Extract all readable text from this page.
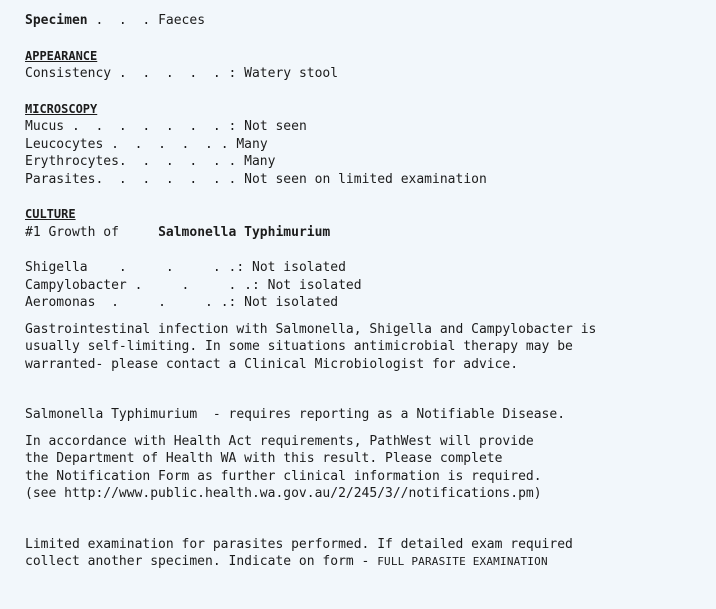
Specimen .  .  . Faeces
APPEARANCE
Consistency .  .  .  .  . : Watery stool
MICROSCOPY
Mucus .  .  .  .  .  .  . : Not seen
Leucocytes .  .  .  .  . . Many
Erythrocytes.  .  .  .  . . Many
Parasites.  .  .  .  .  . . Not seen on limited examination
CULTURE
#1 Growth of     Salmonella Typhimurium
Shigella    .     .     . .: Not isolated
Campylobacter .     .     . .: Not isolated
Aeromonas  .     .     . .: Not isolated
Gastrointestinal infection with Salmonella, Shigella and Campylobacter is
usually self-limiting. In some situations antimicrobial therapy may be
warranted- please contact a Clinical Microbiologist for advice.
Salmonella Typhimurium  - requires reporting as a Notifiable Disease.
In accordance with Health Act requirements, PathWest will provide
the Department of Health WA with this result. Please complete
the Notification Form as further clinical information is required.
(see http://www.public.health.wa.gov.au/2/245/3//notifications.pm)
Limited examination for parasites performed. If detailed exam required
collect another specimen. Indicate on form - FULL PARASITE EXAMINATION
